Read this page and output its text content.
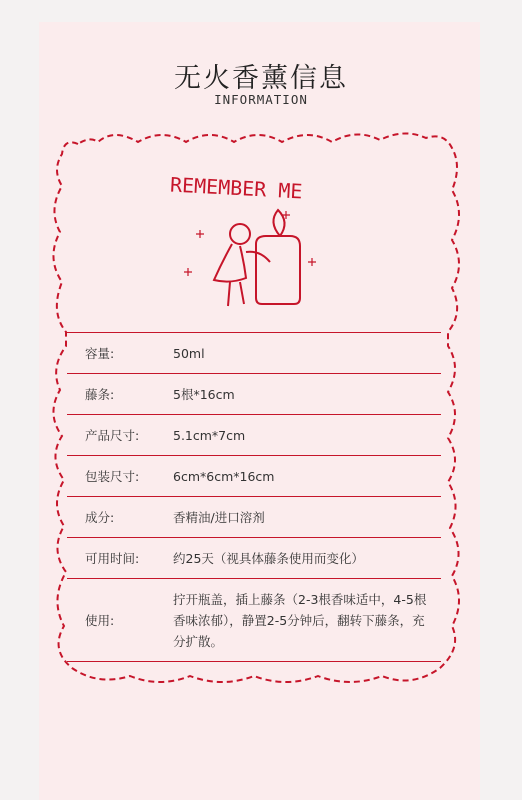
无火香薰信息
INFORMATION
REMEMBER ME
容量:	50ml
藤条:	5根*16cm
产品尺寸:	5.1cm*7cm
包装尺寸:	6cm*6cm*16cm
成分:	香精油/进口溶剂
可用时间:	约25天（视具体藤条使用而变化）
使用:
拧开瓶盖，插上藤条（2-3根香味适中，4-5根香味浓郁），静置2-5分钟后，翻转下藤条，充分扩散。
